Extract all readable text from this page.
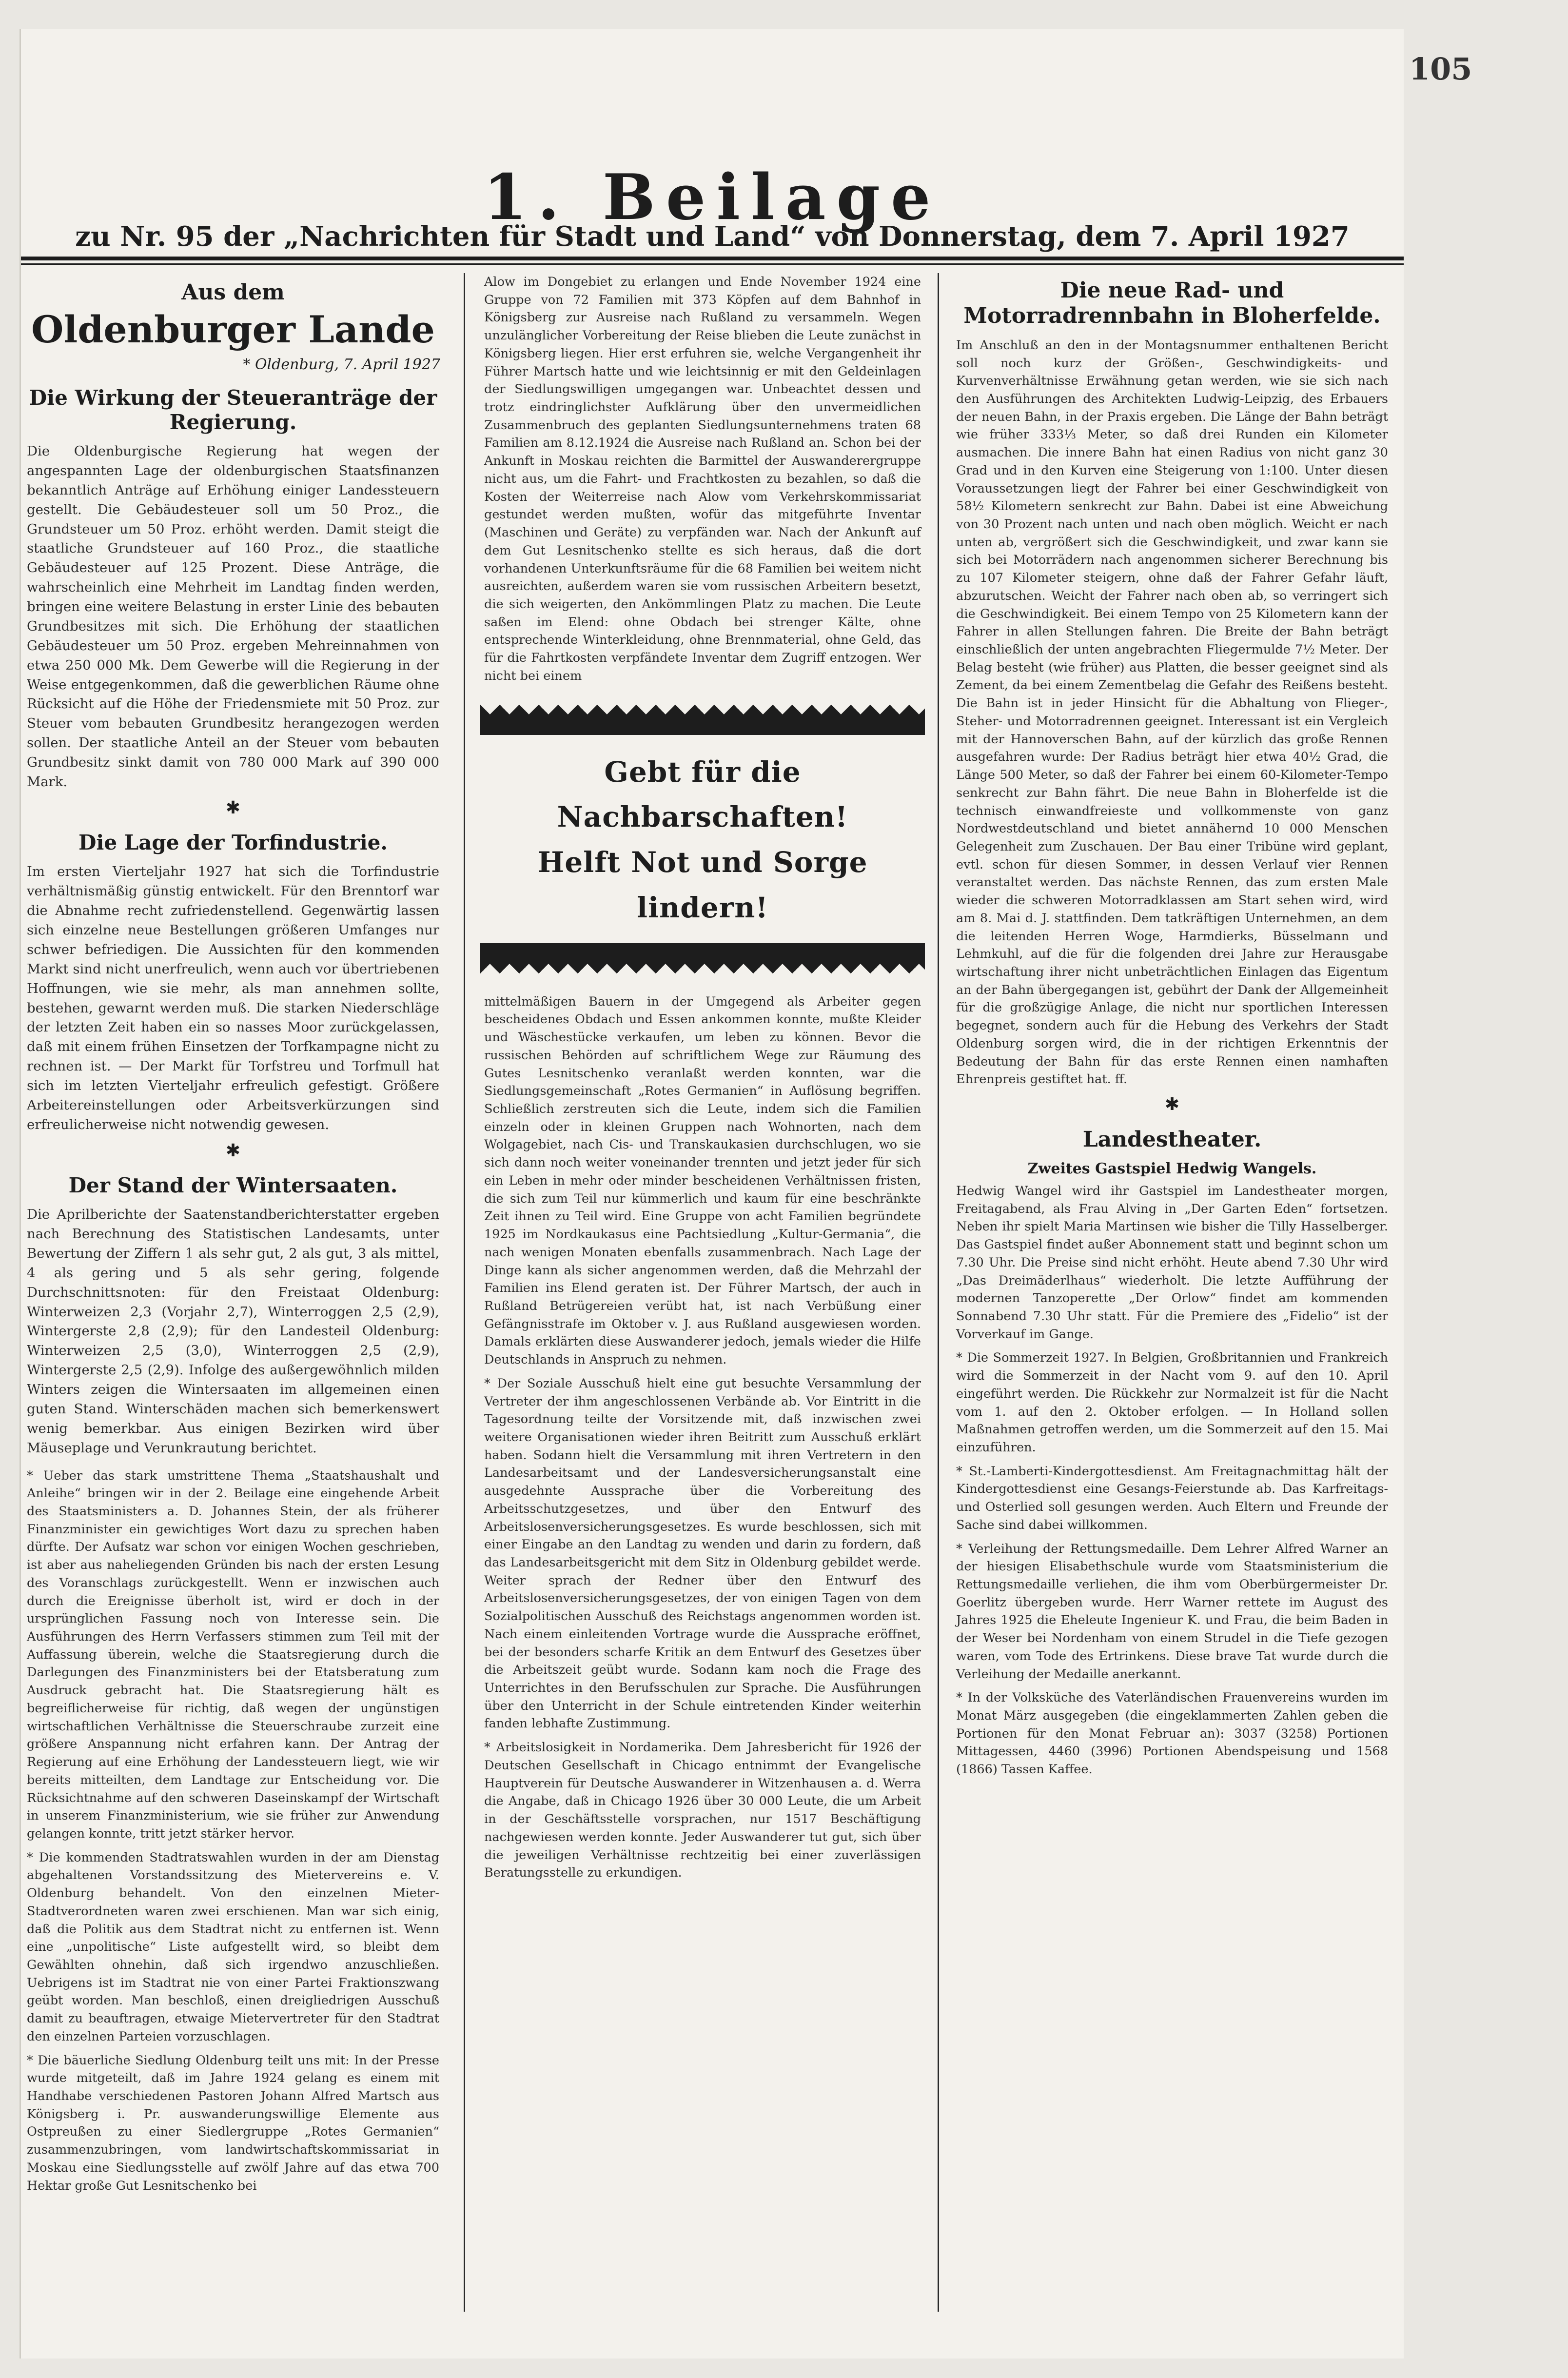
1. Beilage
zu Nr. 95 der „Nachrichten für Stadt und Land“ von Donnerstag, dem 7. April 1927
Aus dem
Oldenburger Lande
* Oldenburg, 7. April 1927
Die Wirkung der Steueranträge der Regierung.

Die Oldenburgische Regierung hat wegen der angespannten Lage der oldenburgischen Staatsfinanzen bekanntlich Anträge auf Erhöhung einiger Landessteuern gestellt. Die Gebäudesteuer soll um 50 Proz., die Grundsteuer um 50 Proz. erhöht werden. Damit steigt die staatliche Grundsteuer auf 160 Proz., die staatliche Gebäudesteuer auf 125 Prozent. Diese Anträge, die wahrscheinlich eine Mehrheit im Landtag finden werden, bringen eine weitere Belastung in erster Linie des bebauten Grundbesitzes mit sich. Die Erhöhung der staatlichen Gebäudesteuer um 50 Proz. ergeben Mehreinnahmen von etwa 250 000 Mk. Dem Gewerbe will die Regierung in der Weise entgegenkommen, daß die gewerblichen Räume ohne Rücksicht auf die Höhe der Friedensmiete mit 50 Proz. zur Steuer vom bebauten Grundbesitz herangezogen werden sollen. Der staatliche Anteil an der Steuer vom bebauten Grundbesitz sinkt damit von 780 000 Mark auf 390 000 Mark.

✱
Die Lage der Torfindustrie.

Im ersten Vierteljahr 1927 hat sich die Torfindustrie verhältnismäßig günstig entwickelt. Für den Brenntorf war die Abnahme recht zufriedenstellend. Gegenwärtig lassen sich einzelne neue Bestellungen größeren Umfanges nur schwer befriedigen. Die Aussichten für den kommenden Markt sind nicht unerfreulich, wenn auch vor übertriebenen Hoffnungen, wie sie mehr, als man annehmen sollte, bestehen, gewarnt werden muß. Die starken Niederschläge der letzten Zeit haben ein so nasses Moor zurückgelassen, daß mit einem frühen Einsetzen der Torfkampagne nicht zu rechnen ist. — Der Markt für Torfstreu und Torfmull hat sich im letzten Vierteljahr erfreulich gefestigt. Größere Arbeitereinstellungen oder Arbeitsverkürzungen sind erfreulicherweise nicht notwendig gewesen.

✱
Der Stand der Wintersaaten.

Die Aprilberichte der Saatenstandberichterstatter ergeben nach Berechnung des Statistischen Landesamts, unter Bewertung der Ziffern 1 als sehr gut, 2 als gut, 3 als mittel, 4 als gering und 5 als sehr gering, folgende Durchschnittsnoten: für den Freistaat Oldenburg: Winterweizen 2,3 (Vorjahr 2,7), Winterroggen 2,5 (2,9), Wintergerste 2,8 (2,9); für den Landesteil Oldenburg: Winterweizen 2,5 (3,0), Winterroggen 2,5 (2,9), Wintergerste 2,5 (2,9). Infolge des außergewöhnlich milden Winters zeigen die Wintersaaten im allgemeinen einen guten Stand. Winterschäden machen sich bemerkenswert wenig bemerkbar. Aus einigen Bezirken wird über Mäuseplage und Verunkrautung berichtet.

* Ueber das stark umstrittene Thema „Staatshaushalt und Anleihe“ bringen wir in der 2. Beilage eine eingehende Arbeit des Staatsministers a. D. Johannes Stein, der als früherer Finanzminister ein gewichtiges Wort dazu zu sprechen haben dürfte. Der Aufsatz war schon vor einigen Wochen geschrieben, ist aber aus naheliegenden Gründen bis nach der ersten Lesung des Voranschlags zurückgestellt. Wenn er inzwischen auch durch die Ereignisse überholt ist, wird er doch in der ursprünglichen Fassung noch von Interesse sein. Die Ausführungen des Herrn Verfassers stimmen zum Teil mit der Auffassung überein, welche die Staatsregierung durch die Darlegungen des Finanzministers bei der Etatsberatung zum Ausdruck gebracht hat. Die Staatsregierung hält es begreiflicherweise für richtig, daß wegen der ungünstigen wirtschaftlichen Verhältnisse die Steuerschraube zurzeit eine größere Anspannung nicht erfahren kann. Der Antrag der Regierung auf eine Erhöhung der Landessteuern liegt, wie wir bereits mitteilten, dem Landtage zur Entscheidung vor. Die Rücksichtnahme auf den schweren Daseinskampf der Wirtschaft in unserem Finanzministerium, wie sie früher zur Anwendung gelangen konnte, tritt jetzt stärker hervor.

* Die kommenden Stadtratswahlen wurden in der am Dienstag abgehaltenen Vorstandssitzung des Mietervereins e. V. Oldenburg behandelt. Von den einzelnen Mieter-Stadtverordneten waren zwei erschienen. Man war sich einig, daß die Politik aus dem Stadtrat nicht zu entfernen ist. Wenn eine „unpolitische“ Liste aufgestellt wird, so bleibt dem Gewählten ohnehin, daß sich irgendwo anzuschließen. Uebrigens ist im Stadtrat nie von einer Partei Fraktionszwang geübt worden. Man beschloß, einen dreigliedrigen Ausschuß damit zu beauftragen, etwaige Mietervertreter für den Stadtrat den einzelnen Parteien vorzuschlagen.

* Die bäuerliche Siedlung Oldenburg teilt uns mit: In der Presse wurde mitgeteilt, daß im Jahre 1924 gelang es einem mit Handhabe verschiedenen Pastoren Johann Alfred Martsch aus Königsberg i. Pr. auswanderungswillige Elemente aus Ostpreußen zu einer Siedlergruppe „Rotes Germanien“ zusammenzubringen, vom landwirtschaftskommissariat in Moskau eine Siedlungsstelle auf zwölf Jahre auf das etwa 700 Hektar große Gut Lesnitschenko bei

Alow im Dongebiet zu erlangen und Ende November 1924 eine Gruppe von 72 Familien mit 373 Köpfen auf dem Bahnhof in Königsberg zur Ausreise nach Rußland zu versammeln. Wegen unzulänglicher Vorbereitung der Reise blieben die Leute zunächst in Königsberg liegen. Hier erst erfuhren sie, welche Vergangenheit ihr Führer Martsch hatte und wie leichtsinnig er mit den Geldeinlagen der Siedlungswilligen umgegangen war. Unbeachtet dessen und trotz eindringlichster Aufklärung über den unvermeidlichen Zusammenbruch des geplanten Siedlungsunternehmens traten 68 Familien am 8.12.1924 die Ausreise nach Rußland an. Schon bei der Ankunft in Moskau reichten die Barmittel der Auswanderergruppe nicht aus, um die Fahrt- und Frachtkosten zu bezahlen, so daß die Kosten der Weiterreise nach Alow vom Verkehrskommissariat gestundet werden mußten, wofür das mitgeführte Inventar (Maschinen und Geräte) zu verpfänden war. Nach der Ankunft auf dem Gut Lesnitschenko stellte es sich heraus, daß die dort vorhandenen Unterkunftsräume für die 68 Familien bei weitem nicht ausreichten, außerdem waren sie vom russischen Arbeitern besetzt, die sich weigerten, den Ankömmlingen Platz zu machen. Die Leute saßen im Elend: ohne Obdach bei strenger Kälte, ohne entsprechende Winterkleidung, ohne Brennmaterial, ohne Geld, das für die Fahrtkosten verpfändete Inventar dem Zugriff entzogen. Wer nicht bei einem

Gebt für die Nachbarschaften!
Helft Not und Sorge lindern!

mittelmäßigen Bauern in der Umgegend als Arbeiter gegen bescheidenes Obdach und Essen ankommen konnte, mußte Kleider und Wäschestücke verkaufen, um leben zu können. Bevor die russischen Behörden auf schriftlichem Wege zur Räumung des Gutes Lesnitschenko veranlaßt werden konnten, war die Siedlungsgemeinschaft „Rotes Germanien“ in Auflösung begriffen. Schließlich zerstreuten sich die Leute, indem sich die Familien einzeln oder in kleinen Gruppen nach Wohnorten, nach dem Wolgagebiet, nach Cis- und Transkaukasien durchschlugen, wo sie sich dann noch weiter voneinander trennten und jetzt jeder für sich ein Leben in mehr oder minder bescheidenen Verhältnissen fristen, die sich zum Teil nur kümmerlich und kaum für eine beschränkte Zeit ihnen zu Teil wird. Eine Gruppe von acht Familien begründete 1925 im Nordkaukasus eine Pachtsiedlung „Kultur-Germania“, die nach wenigen Monaten ebenfalls zusammenbrach. Nach Lage der Dinge kann als sicher angenommen werden, daß die Mehrzahl der Familien ins Elend geraten ist. Der Führer Martsch, der auch in Rußland Betrügereien verübt hat, ist nach Verbüßung einer Gefängnisstrafe im Oktober v. J. aus Rußland ausgewiesen worden. Damals erklärten diese Auswanderer jedoch, jemals wieder die Hilfe Deutschlands in Anspruch zu nehmen.

* Der Soziale Ausschuß hielt eine gut besuchte Versammlung der Vertreter der ihm angeschlossenen Verbände ab. Vor Eintritt in die Tagesordnung teilte der Vorsitzende mit, daß inzwischen zwei weitere Organisationen wieder ihren Beitritt zum Ausschuß erklärt haben. Sodann hielt die Versammlung mit ihren Vertretern in den Landesarbeitsamt und der Landesversicherungsanstalt eine ausgedehnte Aussprache über die Vorbereitung des Arbeitsschutzgesetzes, und über den Entwurf des Arbeitslosenversicherungsgesetzes. Es wurde beschlossen, sich mit einer Eingabe an den Landtag zu wenden und darin zu fordern, daß das Landesarbeitsgericht mit dem Sitz in Oldenburg gebildet werde. Weiter sprach der Redner über den Entwurf des Arbeitslosenversicherungsgesetzes, der von einigen Tagen von dem Sozialpolitischen Ausschuß des Reichstags angenommen worden ist. Nach einem einleitenden Vortrage wurde die Aussprache eröffnet, bei der besonders scharfe Kritik an dem Entwurf des Gesetzes über die Arbeitszeit geübt wurde. Sodann kam noch die Frage des Unterrichtes in den Berufsschulen zur Sprache. Die Ausführungen über den Unterricht in der Schule eintretenden Kinder weiterhin fanden lebhafte Zustimmung.

* Arbeitslosigkeit in Nordamerika. Dem Jahresbericht für 1926 der Deutschen Gesellschaft in Chicago entnimmt der Evangelische Hauptverein für Deutsche Auswanderer in Witzenhausen a. d. Werra die Angabe, daß in Chicago 1926 über 30 000 Leute, die um Arbeit in der Geschäftsstelle vorsprachen, nur 1517 Beschäftigung nachgewiesen werden konnte. Jeder Auswanderer tut gut, sich über die jeweiligen Verhältnisse rechtzeitig bei einer zuverlässigen Beratungsstelle zu erkundigen.

Die neue Rad- und Motorradrennbahn in Bloherfelde.

Im Anschluß an den in der Montagsnummer enthaltenen Bericht soll noch kurz der Größen-, Geschwindigkeits- und Kurvenverhältnisse Erwähnung getan werden, wie sie sich nach den Ausführungen des Architekten Ludwig-Leipzig, des Erbauers der neuen Bahn, in der Praxis ergeben. Die Länge der Bahn beträgt wie früher 333⅓ Meter, so daß drei Runden ein Kilometer ausmachen. Die innere Bahn hat einen Radius von nicht ganz 30 Grad und in den Kurven eine Steigerung von 1:100. Unter diesen Voraussetzungen liegt der Fahrer bei einer Geschwindigkeit von 58½ Kilometern senkrecht zur Bahn. Dabei ist eine Abweichung von 30 Prozent nach unten und nach oben möglich. Weicht er nach unten ab, vergrößert sich die Geschwindigkeit, und zwar kann sie sich bei Motorrädern nach angenommen sicherer Berechnung bis zu 107 Kilometer steigern, ohne daß der Fahrer Gefahr läuft, abzurutschen. Weicht der Fahrer nach oben ab, so verringert sich die Geschwindigkeit. Bei einem Tempo von 25 Kilometern kann der Fahrer in allen Stellungen fahren. Die Breite der Bahn beträgt einschließlich der unten angebrachten Fliegermulde 7½ Meter. Der Belag besteht (wie früher) aus Platten, die besser geeignet sind als Zement, da bei einem Zementbelag die Gefahr des Reißens besteht. Die Bahn ist in jeder Hinsicht für die Abhaltung von Flieger-, Steher- und Motorradrennen geeignet. Interessant ist ein Vergleich mit der Hannoverschen Bahn, auf der kürzlich das große Rennen ausgefahren wurde: Der Radius beträgt hier etwa 40½ Grad, die Länge 500 Meter, so daß der Fahrer bei einem 60-Kilometer-Tempo senkrecht zur Bahn fährt. Die neue Bahn in Bloherfelde ist die technisch einwandfreieste und vollkommenste von ganz Nordwestdeutschland und bietet annähernd 10 000 Menschen Gelegenheit zum Zuschauen. Der Bau einer Tribüne wird geplant, evtl. schon für diesen Sommer, in dessen Verlauf vier Rennen veranstaltet werden. Das nächste Rennen, das zum ersten Male wieder die schweren Motorradklassen am Start sehen wird, wird am 8. Mai d. J. stattfinden. Dem tatkräftigen Unternehmen, an dem die leitenden Herren Woge, Harmdierks, Büsselmann und Lehmkuhl, auf die für die folgenden drei Jahre zur Herausgabe wirtschaftung ihrer nicht unbeträchtlichen Einlagen das Eigentum an der Bahn übergegangen ist, gebührt der Dank der Allgemeinheit für die großzügige Anlage, die nicht nur sportlichen Interessen begegnet, sondern auch für die Hebung des Verkehrs der Stadt Oldenburg sorgen wird, die in der richtigen Erkenntnis der Bedeutung der Bahn für das erste Rennen einen namhaften Ehrenpreis gestiftet hat. ff.

✱
Landestheater.
Zweites Gastspiel Hedwig Wangels.

Hedwig Wangel wird ihr Gastspiel im Landestheater morgen, Freitagabend, als Frau Alving in „Der Garten Eden“ fortsetzen. Neben ihr spielt Maria Martinsen wie bisher die Tilly Hasselberger. Das Gastspiel findet außer Abonnement statt und beginnt schon um 7.30 Uhr. Die Preise sind nicht erhöht. Heute abend 7.30 Uhr wird „Das Dreimäderlhaus“ wiederholt. Die letzte Aufführung der modernen Tanzoperette „Der Orlow“ findet am kommenden Sonnabend 7.30 Uhr statt. Für die Premiere des „Fidelio“ ist der Vorverkauf im Gange.

* Die Sommerzeit 1927. In Belgien, Großbritannien und Frankreich wird die Sommerzeit in der Nacht vom 9. auf den 10. April eingeführt werden. Die Rückkehr zur Normalzeit ist für die Nacht vom 1. auf den 2. Oktober erfolgen. — In Holland sollen Maßnahmen getroffen werden, um die Sommerzeit auf den 15. Mai einzuführen.

* St.-Lamberti-Kindergottesdienst. Am Freitagnachmittag hält der Kindergottesdienst eine Gesangs-Feierstunde ab. Das Karfreitags- und Osterlied soll gesungen werden. Auch Eltern und Freunde der Sache sind dabei willkommen.

* Verleihung der Rettungsmedaille. Dem Lehrer Alfred Warner an der hiesigen Elisabethschule wurde vom Staatsministerium die Rettungsmedaille verliehen, die ihm vom Oberbürgermeister Dr. Goerlitz übergeben wurde. Herr Warner rettete im August des Jahres 1925 die Eheleute Ingenieur K. und Frau, die beim Baden in der Weser bei Nordenham von einem Strudel in die Tiefe gezogen waren, vom Tode des Ertrinkens. Diese brave Tat wurde durch die Verleihung der Medaille anerkannt.

* In der Volksküche des Vaterländischen Frauenvereins wurden im Monat März ausgegeben (die eingeklammerten Zahlen geben die Portionen für den Monat Februar an): 3037 (3258) Portionen Mittagessen, 4460 (3996) Portionen Abendspeisung und 1568 (1866) Tassen Kaffee.

105
